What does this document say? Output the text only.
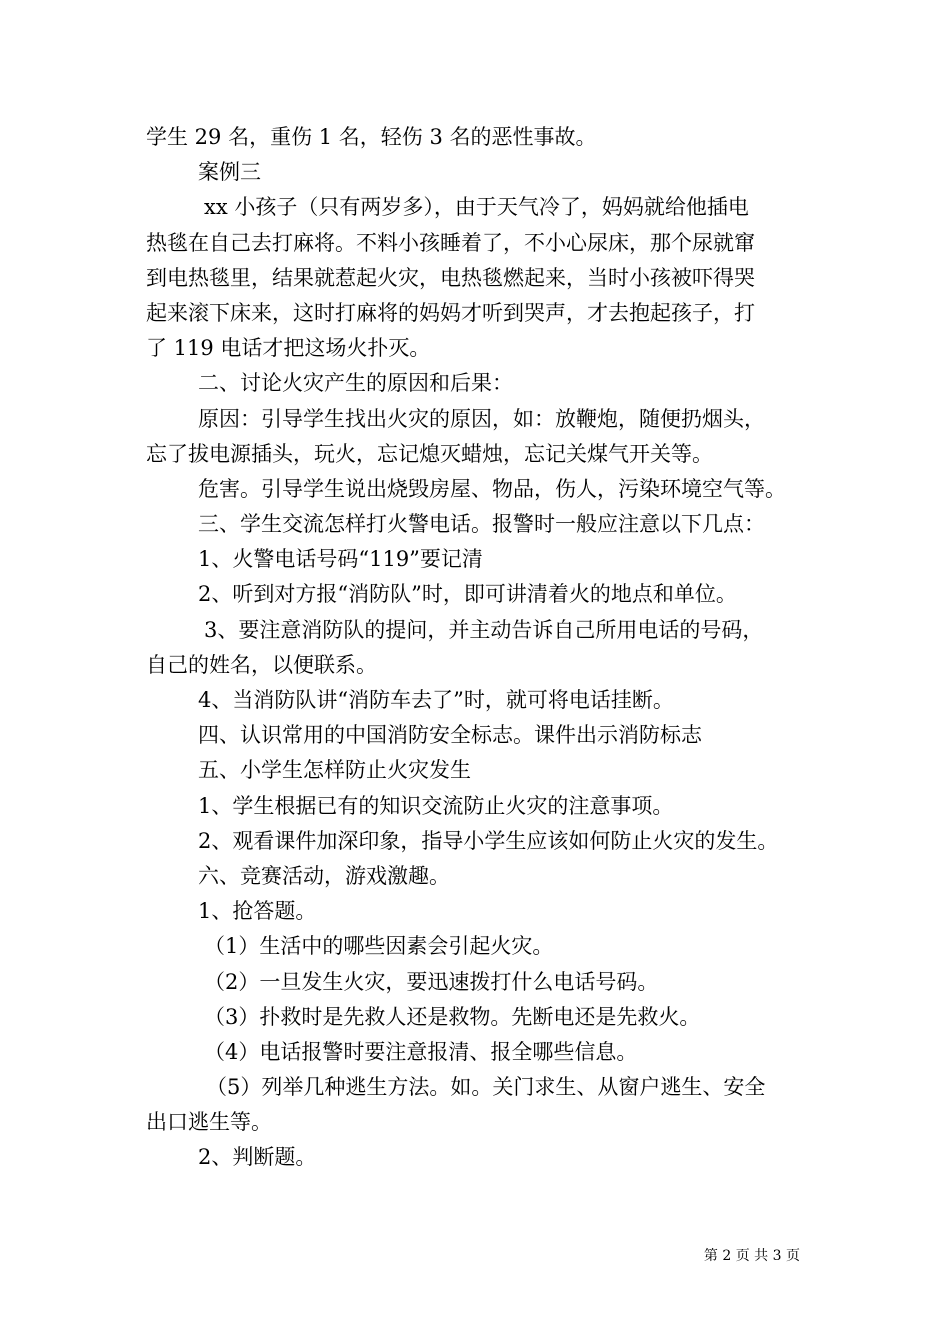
学生 29 名，重伤 1 名，轻伤 3 名的恶性事故。
案例三
xx 小孩子（只有两岁多），由于天气冷了，妈妈就给他插电
热毯在自己去打麻将。不料小孩睡着了，不小心尿床，那个尿就窜
到电热毯里，结果就惹起火灾，电热毯燃起来，当时小孩被吓得哭
起来滚下床来，这时打麻将的妈妈才听到哭声，才去抱起孩子，打
了 119 电话才把这场火扑灭。
二、讨论火灾产生的原因和后果：
原因：引导学生找出火灾的原因，如：放鞭炮，随便扔烟头，
忘了拔电源插头，玩火，忘记熄灭蜡烛，忘记关煤气开关等。
危害。引导学生说出烧毁房屋、物品，伤人，污染环境空气等。
三、学生交流怎样打火警电话。报警时一般应注意以下几点：
1、火警电话号码“119”要记清
2、听到对方报“消防队”时，即可讲清着火的地点和单位。
3、要注意消防队的提问，并主动告诉自己所用电话的号码，
自己的姓名，以便联系。
4、当消防队讲“消防车去了”时，就可将电话挂断。
四、认识常用的中国消防安全标志。课件出示消防标志
五、小学生怎样防止火灾发生
1、学生根据已有的知识交流防止火灾的注意事项。
2、观看课件加深印象，指导小学生应该如何防止火灾的发生。
六、竞赛活动，游戏激趣。
1、抢答题。
（1）生活中的哪些因素会引起火灾。
（2）一旦发生火灾，要迅速拨打什么电话号码。
（3）扑救时是先救人还是救物。先断电还是先救火。
（4）电话报警时要注意报清、报全哪些信息。
（5）列举几种逃生方法。如。关门求生、从窗户逃生、安全
出口逃生等。
2、判断题。
第 2 页 共 3 页
